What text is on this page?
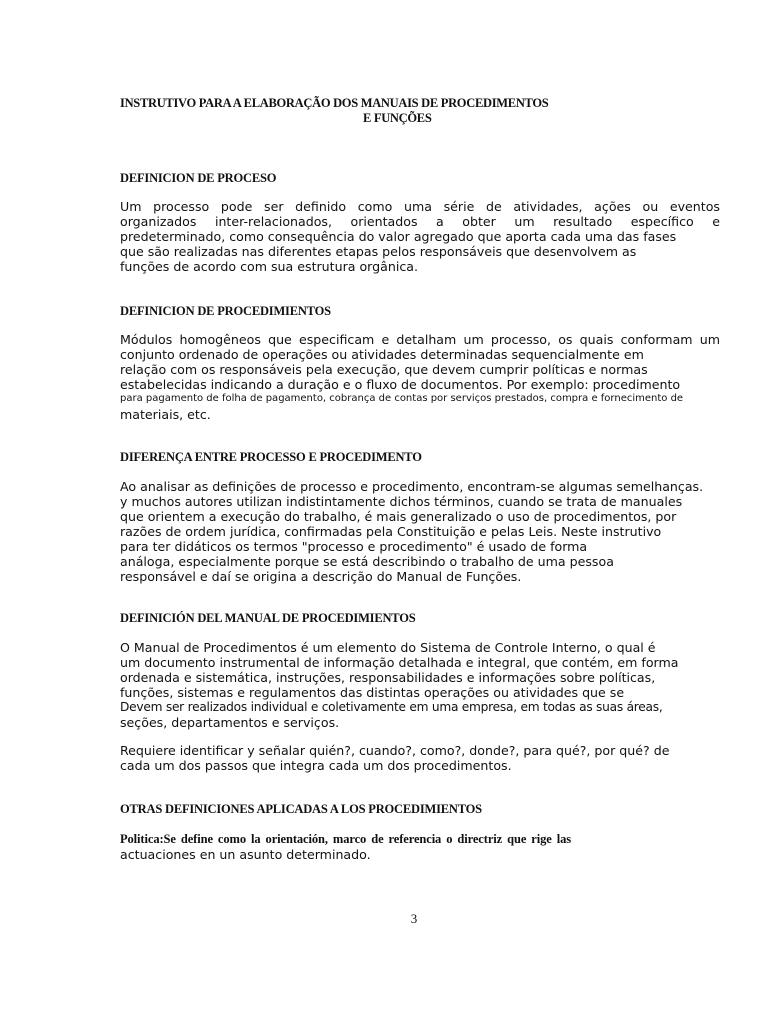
INSTRUTIVO PARA A ELABORAÇÃO DOS MANUAIS DE PROCEDIMENTOS
E FUNÇÕES
DEFINICION DE PROCESO
Um processo pode ser definido como uma série de atividades, ações ou eventos
organizados inter-relacionados, orientados a obter um resultado específico e
predeterminado, como consequência do valor agregado que aporta cada uma das fases
que são realizadas nas diferentes etapas pelos responsáveis que desenvolvem as
funções de acordo com sua estrutura orgânica.
DEFINICION DE PROCEDIMIENTOS
Módulos homogêneos que especificam e detalham um processo, os quais conformam um
conjunto ordenado de operações ou atividades determinadas sequencialmente em
relação com os responsáveis pela execução, que devem cumprir políticas e normas
estabelecidas indicando a duração e o fluxo de documentos. Por exemplo: procedimento
para pagamento de folha de pagamento, cobrança de contas por serviços prestados, compra e fornecimento de
materiais, etc.
DIFERENÇA ENTRE PROCESSO E PROCEDIMENTO
Ao analisar as definições de processo e procedimento, encontram-se algumas semelhanças.
y muchos autores utilizan indistintamente dichos términos, cuando se trata de manuales
que orientem a execução do trabalho, é mais generalizado o uso de procedimentos, por
razões de ordem jurídica, confirmadas pela Constituição e pelas Leis. Neste instrutivo
para ter didáticos os termos "processo e procedimento" é usado de forma
análoga, especialmente porque se está describindo o trabalho de uma pessoa
responsável e daí se origina a descrição do Manual de Funções.
DEFINICIÓN DEL MANUAL DE PROCEDIMIENTOS
O Manual de Procedimentos é um elemento do Sistema de Controle Interno, o qual é
um documento instrumental de informação detalhada e integral, que contém, em forma
ordenada e sistemática, instruções, responsabilidades e informações sobre políticas,
funções, sistemas e regulamentos das distintas operações ou atividades que se
Devem ser realizados individual e coletivamente em uma empresa, em todas as suas áreas,
seções, departamentos e serviços.
Requiere identificar y señalar quién?, cuando?, como?, donde?, para qué?, por qué? de
cada um dos passos que integra cada um dos procedimentos.
OTRAS DEFINICIONES APLICADAS A LOS PROCEDIMIENTOS
Politica:Se define como la orientación, marco de referencia o directriz que rige las
actuaciones en un asunto determinado.
3
